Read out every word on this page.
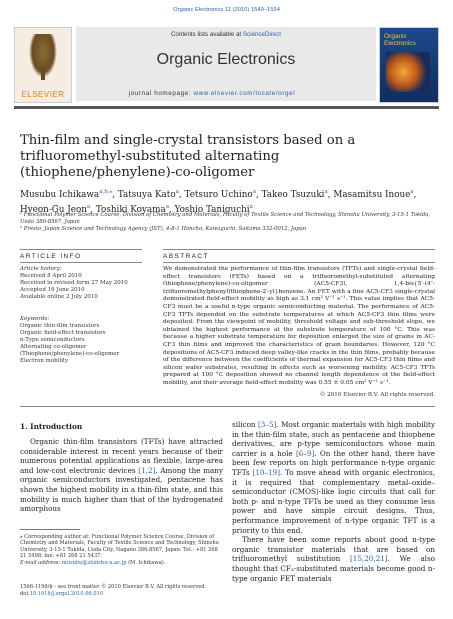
Organic Electronics 11 (2010) 1549–1554
ELSEVIER
Contents lists available at ScienceDirect
Organic Electronics
Organic Electronics
journal homepage: www.elsevier.com/locate/orgel
Thin-film and single-crystal transistors based on a trifluoromethyl-substituted alternating (thiophene/phenylene)-co-oligomer
Musubu Ichikawa$^{a,b,⁎}$, Tatsuya Kato$^a$, Tetsuro Uchino$^a$, Takeo Tsuzuki$^a$, Masamitsu Inoue$^a$,
Hyeon-Gu Jeon$^a$, Toshiki Koyama$^a$, Yoshio Taniguchi$^a$
ᵃ Functional Polymer Science Course, Division of Chemistry and Materials, Faculty of Textile Science and Technology, Shinshu University, 3-15-1 Tokida, Ueda 386-8567, Japan
ᵇ Presto, Japan Science and Technology Agency (JST), 4-8-1 Honcho, Kawaguchi, Saitama 332-0012, Japan
ARTICLE INFO	ABSTRACT
Article history:
Received 8 April 2010
Received in revised form 27 May 2010
Accepted 16 June 2010
Available online 2 July 2010
Keywords:
Organic thin-film transistors
Organic field-effect transistors
n-Type semiconductors
Alternating co-oligomer
(Thiophene/phenylene)-co-oligomer
Electron mobility
We demonstrated the performance of thin-film transistors (TFTs) and single-crystal field-effect transistors (FETs) based on a trifluoromethyl-substituted alternating (thiophene/phenylene)-co-oligomer (AC5-CF3), 1,4-bis{5′-(4″-trifluoromethylphenyl)thiophene-2′-yl}benzene. An FET with a fine AC5-CF3 single-crystal demonstrated field-effect mobility as high as 3.1 cm² V⁻¹ s⁻¹. This value implies that AC5-CF3 must be a useful n-type organic semiconducting material. The performance of AC5-CF3 TFTs depended on the substrate temperatures at which AC5-CF3 thin films were deposited. From the viewpoint of mobility, threshold voltage and sub-threshold slope, we obtained the highest performance at the substrate temperature of 100 °C. This was because a higher substrate temperature for deposition enlarged the size of grains in AC-CF3 thin films and improved the characteristics of grain boundaries. However, 120 °C depositions of AC5-CF3 induced deep valley-like cracks in the thin films, probably because of the difference between the coefficients of thermal expansion for AC5-CF3 thin films and silicon wafer substrates, resulting in effects such as worsening mobility. AC5-CF3 TFTs prepared at 100 °C deposition showed no channel length dependence of the field-effect mobility, and their average field-effect mobility was 0.55 ± 0.05 cm² V⁻¹ s⁻¹.
© 2010 Elsevier B.V. All rights reserved.
1. Introduction

Organic thin-film transistors (TFTs) have attracted considerable interest in recent years because of their numerous potential applications as flexible, large-area and low-cost electronic devices [1,2]. Among the many organic semiconductors investigated, pentacene has shown the highest mobility in a thin-film state, and this mobility is much higher than that of the hydrogenated amorphous

silicon [3–5]. Most organic materials with high mobility in the thin-film state, such as pentacene and thiophene derivatives, are p-type semiconductors whose main carrier is a hole [6–9]. On the other hand, there have been few reports on high performance n-type organic TFTs [10–19]. To move ahead with organic electronics, it is required that complementary metal–oxide–semiconductor (CMOS)-like logic circuits that call for both p- and n-type TFTs be used as they consume less power and have simple circuit designs. Thus, performance improvement of n-type organic TFT is a priority to this end.

There have been some reports about good n-type organic transistor materials that are based on trifluoromethyl substitution [15,20,21]. We also thought that CF₃-substituted materials become good n-type organic FET materials

⁎ Corresponding author at: Functional Polymer Science Course, Division of Chemistry and Materials, Faculty of Textile Science and Technology, Shinshu University, 3-15-1 Tokida, Ueda City, Nagano 386-8567, Japan. Tel.: +81 268 21 5498; fax: +81 268 21 5437.
E-mail address: musubu@shinshu-u.ac.jp (M. Ichikawa).
1566-1199/$ - see front matter © 2010 Elsevier B.V. All rights reserved.
doi:10.1016/j.orgel.2010.06.010
